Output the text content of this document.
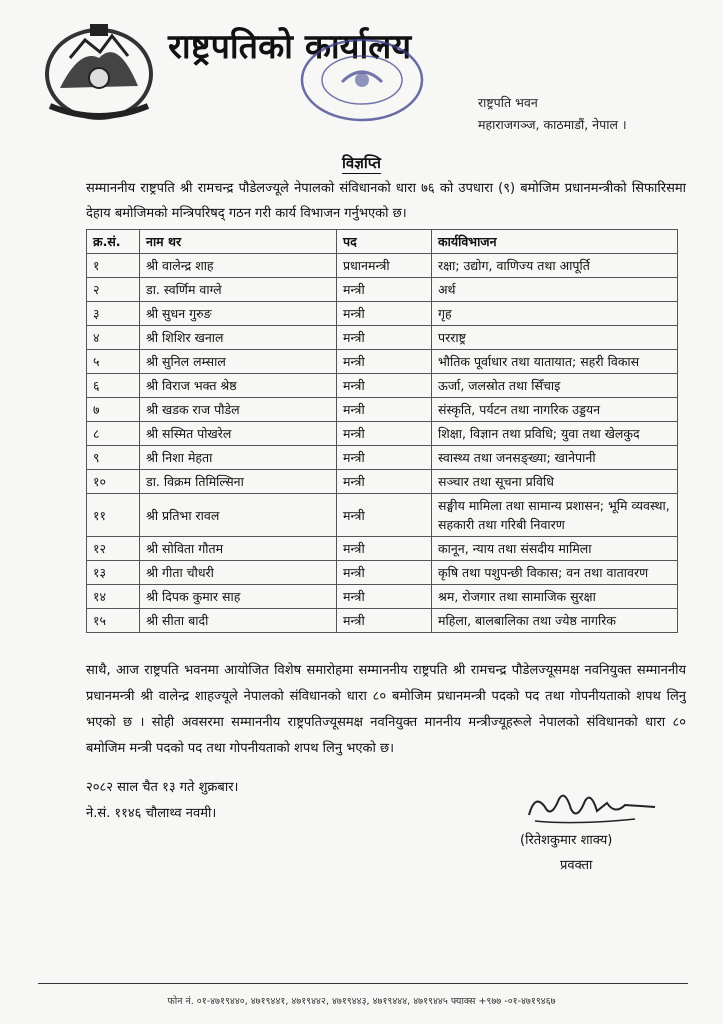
राष्ट्रपतिको कार्यालय
राष्ट्रपति भवन
महाराजगञ्ज, काठमाडौं, नेपाल ।
विज्ञप्ति
सम्माननीय राष्ट्रपति श्री रामचन्द्र पौडेलज्यूले नेपालको संविधानको धारा ७६ को उपधारा (९) बमोजिम प्रधानमन्त्रीको सिफारिसमा देहाय बमोजिमको मन्त्रिपरिषद् गठन गरी कार्य विभाजन गर्नुभएको छ।
क्र.सं.	नाम थर	पद	कार्यविभाजन
१	श्री वालेन्द्र शाह	प्रधानमन्त्री	रक्षा; उद्योग, वाणिज्य तथा आपूर्ति
२	डा. स्वर्णिम वाग्ले	मन्त्री	अर्थ
३	श्री सुधन गुरुङ	मन्त्री	गृह
४	श्री शिशिर खनाल	मन्त्री	परराष्ट्र
५	श्री सुनिल लम्साल	मन्त्री	भौतिक पूर्वाधार तथा यातायात; सहरी विकास
६	श्री विराज भक्त श्रेष्ठ	मन्त्री	ऊर्जा, जलस्रोत तथा सिँचाइ
७	श्री खडक राज पौडेल	मन्त्री	संस्कृति, पर्यटन तथा नागरिक उड्डयन
८	श्री सस्मित पोखरेल	मन्त्री	शिक्षा, विज्ञान तथा प्रविधि; युवा तथा खेलकुद
९	श्री निशा मेहता	मन्त्री	स्वास्थ्य तथा जनसङ्ख्या; खानेपानी
१०	डा. विक्रम तिमिल्सिना	मन्त्री	सञ्चार तथा सूचना प्रविधि
११	श्री प्रतिभा रावल	मन्त्री	सङ्घीय मामिला तथा सामान्य प्रशासन; भूमि व्यवस्था, सहकारी तथा गरिबी निवारण
१२	श्री सोविता गौतम	मन्त्री	कानून, न्याय तथा संसदीय मामिला
१३	श्री गीता चौधरी	मन्त्री	कृषि तथा पशुपन्छी विकास; वन तथा वातावरण
१४	श्री दिपक कुमार साह	मन्त्री	श्रम, रोजगार तथा सामाजिक सुरक्षा
१५	श्री सीता बादी	मन्त्री	महिला, बालबालिका तथा ज्येष्ठ नागरिक
साथै, आज राष्ट्रपति भवनमा आयोजित विशेष समारोहमा सम्माननीय राष्ट्रपति श्री रामचन्द्र पौडेलज्यूसमक्ष नवनियुक्त सम्माननीय प्रधानमन्त्री श्री वालेन्द्र शाहज्यूले नेपालको संविधानको धारा ८० बमोजिम प्रधानमन्त्री पदको पद तथा गोपनीयताको शपथ लिनु भएको छ । सोही अवसरमा सम्माननीय राष्ट्रपतिज्यूसमक्ष नवनियुक्त माननीय मन्त्रीज्यूहरूले नेपालको संविधानको धारा ८० बमोजिम मन्त्री पदको पद तथा गोपनीयताको शपथ लिनु भएको छ।
२०८२ साल चैत १३ गते शुक्रबार।
ने.सं. ११४६ चौलाथ्व नवमी।
(रितेशकुमार शाक्य)
प्रवक्ता
फोन नं. ०१-४७१९४४०, ४७१९४४१, ४७१९४४२, ४७१९४४३, ४७१९४४४, ४७१९४४५ फ्याक्स +९७७ -०१-४७१९४६७
